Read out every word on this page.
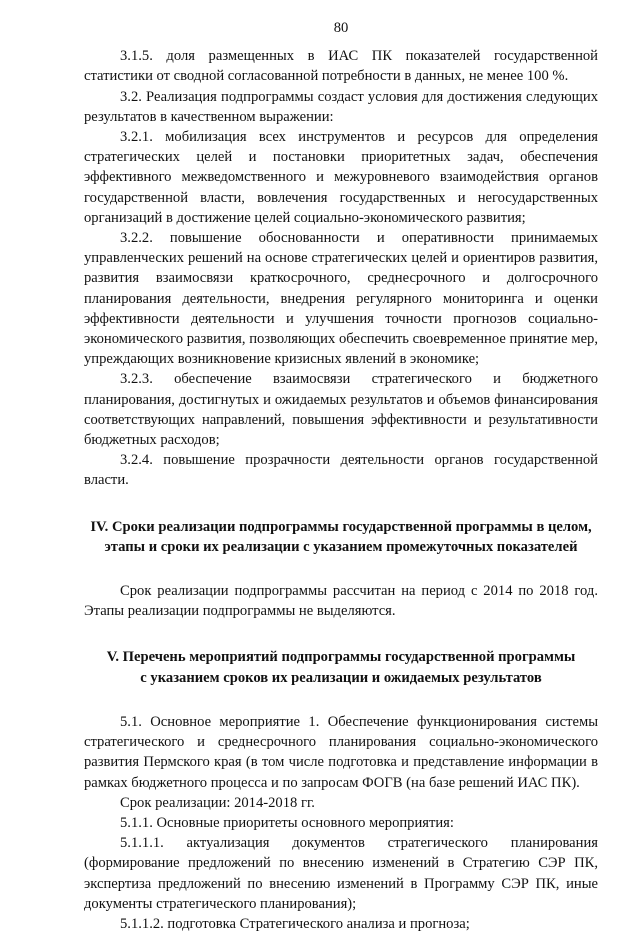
80

3.1.5. доля размещенных в ИАС ПК показателей государственной статистики от сводной согласованной потребности в данных, не менее 100 %.

3.2. Реализация подпрограммы создаст условия для достижения следующих результатов в качественном выражении:

3.2.1. мобилизация всех инструментов и ресурсов для определения стратегических целей и постановки приоритетных задач, обеспечения эффективного межведомственного и межуровневого взаимодействия органов государственной власти, вовлечения государственных и негосударственных организаций в достижение целей социально-экономического развития;

3.2.2. повышение обоснованности и оперативности принимаемых управленческих решений на основе стратегических целей и ориентиров развития, развития взаимосвязи краткосрочного, среднесрочного и долгосрочного планирования деятельности, внедрения регулярного мониторинга и оценки эффективности деятельности и улучшения точности прогнозов социально-экономического развития, позволяющих обеспечить своевременное принятие мер, упреждающих возникновение кризисных явлений в экономике;

3.2.3. обеспечение взаимосвязи стратегического и бюджетного планирования, достигнутых и ожидаемых результатов и объемов финансирования соответствующих направлений, повышения эффективности и результативности бюджетных расходов;

3.2.4. повышение прозрачности деятельности органов государственной власти.

IV. Сроки реализации подпрограммы государственной программы в целом,
этапы и сроки их реализации с указанием промежуточных показателей

Срок реализации подпрограммы рассчитан на период с 2014 по 2018 год. Этапы реализации подпрограммы не выделяются.

V. Перечень мероприятий подпрограммы государственной программы
с указанием сроков их реализации и ожидаемых результатов

5.1. Основное мероприятие 1. Обеспечение функционирования системы стратегического и среднесрочного планирования социально-экономического развития Пермского края (в том числе подготовка и представление информации в рамках бюджетного процесса и по запросам ФОГВ (на базе решений ИАС ПК).

Срок реализации: 2014-2018 гг.

5.1.1. Основные приоритеты основного мероприятия:

5.1.1.1. актуализация документов стратегического планирования (формирование предложений по внесению изменений в Стратегию СЭР ПК, экспертиза предложений по внесению изменений в Программу СЭР ПК, иные документы стратегического планирования);

5.1.1.2. подготовка Стратегического анализа и прогноза;
